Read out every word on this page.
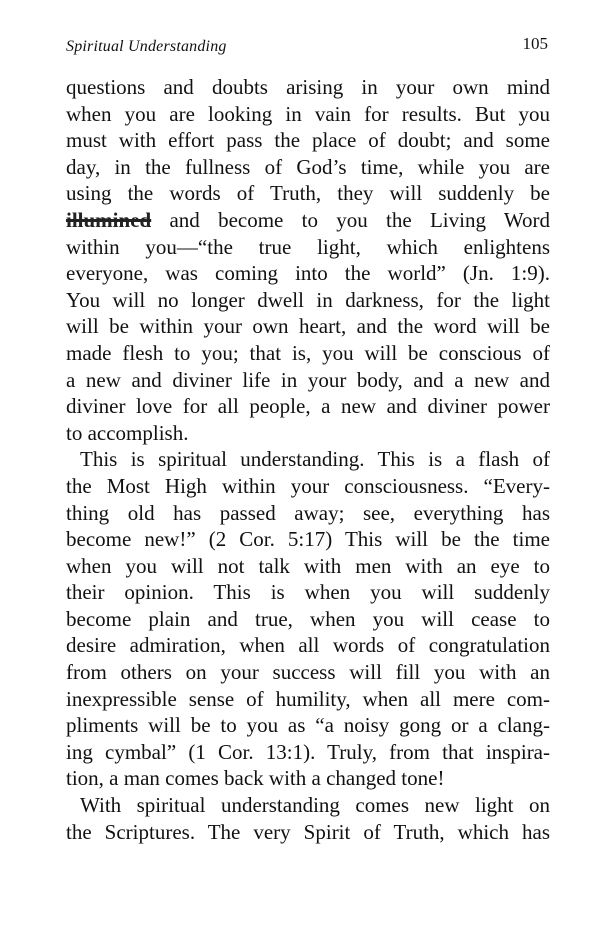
Spiritual Understanding	105
questions and doubts arising in your own mind
when you are looking in vain for results. But you
must with effort pass the place of doubt; and some
day, in the fullness of God’s time, while you are
using the words of Truth, they will suddenly be
illumined and become to you the Living Word
within you—“the true light, which enlightens
everyone, was coming into the world” (Jn. 1:9).
You will no longer dwell in darkness, for the light
will be within your own heart, and the word will be
made flesh to you; that is, you will be conscious of
a new and diviner life in your body, and a new and
diviner love for all people, a new and diviner power
to accomplish.
This is spiritual understanding. This is a flash of
the Most High within your consciousness. “Every-
thing old has passed away; see, everything has
become new!” (2 Cor. 5:17) This will be the time
when you will not talk with men with an eye to
their opinion. This is when you will suddenly
become plain and true, when you will cease to
desire admiration, when all words of congratulation
from others on your success will fill you with an
inexpressible sense of humility, when all mere com-
pliments will be to you as “a noisy gong or a clang-
ing cymbal” (1 Cor. 13:1). Truly, from that inspira-
tion, a man comes back with a changed tone!
With spiritual understanding comes new light on
the Scriptures. The very Spirit of Truth, which has
